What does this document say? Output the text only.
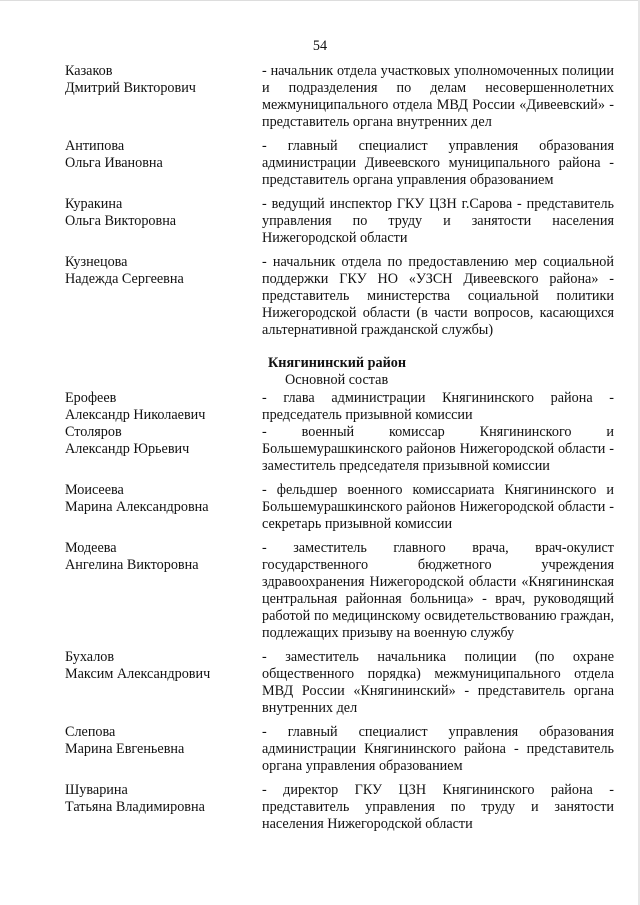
54
Казаков
Дмитрий Викторович
- начальник отдела участковых уполномоченных полиции и подразделения по делам несовершеннолетних межмуниципального отдела МВД России «Дивеевский» - представитель органа внутренних дел
Антипова
Ольга Ивановна
- главный специалист управления образования администрации Дивеевского муниципального района - представитель органа управления образованием
Куракина
Ольга Викторовна
- ведущий инспектор ГКУ ЦЗН г.Сарова - представитель управления по труду и занятости населения Нижегородской области
Кузнецова
Надежда Сергеевна
- начальник отдела по предоставлению мер социальной поддержки ГКУ НО «УЗСН Дивеевского района» - представитель министерства социальной политики Нижегородской области (в части вопросов, касающихся альтернативной гражданской службы)
Княгининский район
Основной состав
Ерофеев
Александр Николаевич
- глава администрации Княгининского района - председатель призывной комиссии
Столяров
Александр Юрьевич
- военный комиссар Княгининского и Большемурашкинского районов Нижегородской области - заместитель председателя призывной комиссии
Моисеева
Марина Александровна
- фельдшер военного комиссариата Княгининского и Большемурашкинского районов Нижегородской области - секретарь призывной комиссии
Модеева
Ангелина Викторовна
- заместитель главного врача, врач-окулист государственного бюджетного учреждения здравоохранения Нижегородской области «Княгининская центральная районная больница» - врач, руководящий работой по медицинскому освидетельствованию граждан, подлежащих призыву на военную службу
Бухалов
Максим Александрович
- заместитель начальника полиции (по охране общественного порядка) межмуниципального отдела МВД России «Княгининский» - представитель органа внутренних дел
Слепова
Марина Евгеньевна
- главный специалист управления образования администрации Княгининского района - представитель органа управления образованием
Шуварина
Татьяна Владимировна
- директор ГКУ ЦЗН Княгининского района - представитель управления по труду и занятости населения Нижегородской области
